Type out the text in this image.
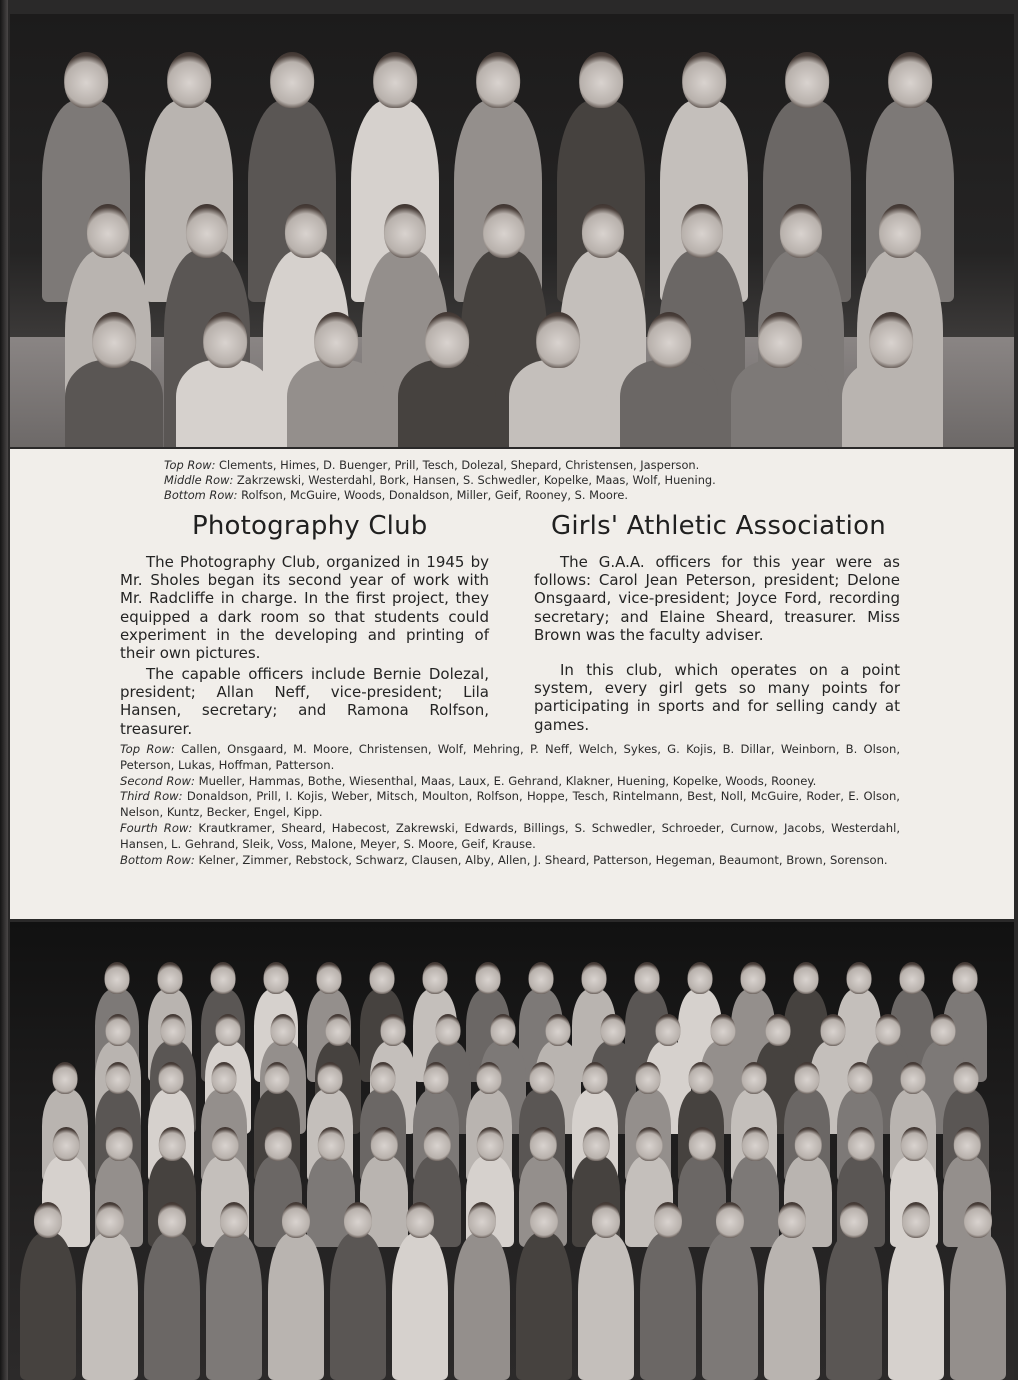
Top Row: Clements, Himes, D. Buenger, Prill, Tesch, Dolezal, Shepard, Christensen, Jasperson.
Middle Row: Zakrzewski, Westerdahl, Bork, Hansen, S. Schwedler, Kopelke, Maas, Wolf, Huening.
Bottom Row: Rolfson, McGuire, Woods, Donaldson, Miller, Geif, Rooney, S. Moore.
Photography Club	Girls' Athletic Association

The Photography Club, organized in 1945 by Mr. Sholes began its second year of work with Mr. Radcliffe in charge. In the first project, they equipped a dark room so that students could experiment in the developing and printing of their own pictures.

The capable officers include Bernie Dolezal, president; Allan Neff, vice-president; Lila Hansen, secretary; and Ramona Rolfson, treasurer.

The G.A.A. officers for this year were as follows: Carol Jean Peterson, president; Delone Onsgaard, vice-president; Joyce Ford, recording secretary; and Elaine Sheard, treasurer. Miss Brown was the faculty adviser.

In this club, which operates on a point system, every girl gets so many points for participating in sports and for selling candy at games.

Top Row: Callen, Onsgaard, M. Moore, Christensen, Wolf, Mehring, P. Neff, Welch, Sykes, G. Kojis, B. Dillar, Weinborn, B. Olson, Peterson, Lukas, Hoffman, Patterson.

Second Row: Mueller, Hammas, Bothe, Wiesenthal, Maas, Laux, E. Gehrand, Klakner, Huening, Kopelke, Woods, Rooney.

Third Row: Donaldson, Prill, I. Kojis, Weber, Mitsch, Moulton, Rolfson, Hoppe, Tesch, Rintelmann, Best, Noll, McGuire, Roder, E. Olson, Nelson, Kuntz, Becker, Engel, Kipp.

Fourth Row: Krautkramer, Sheard, Habecost, Zakrewski, Edwards, Billings, S. Schwedler, Schroeder, Curnow, Jacobs, Westerdahl, Hansen, L. Gehrand, Sleik, Voss, Malone, Meyer, S. Moore, Geif, Krause.

Bottom Row: Kelner, Zimmer, Rebstock, Schwarz, Clausen, Alby, Allen, J. Sheard, Patterson, Hegeman, Beaumont, Brown, Sorenson.
